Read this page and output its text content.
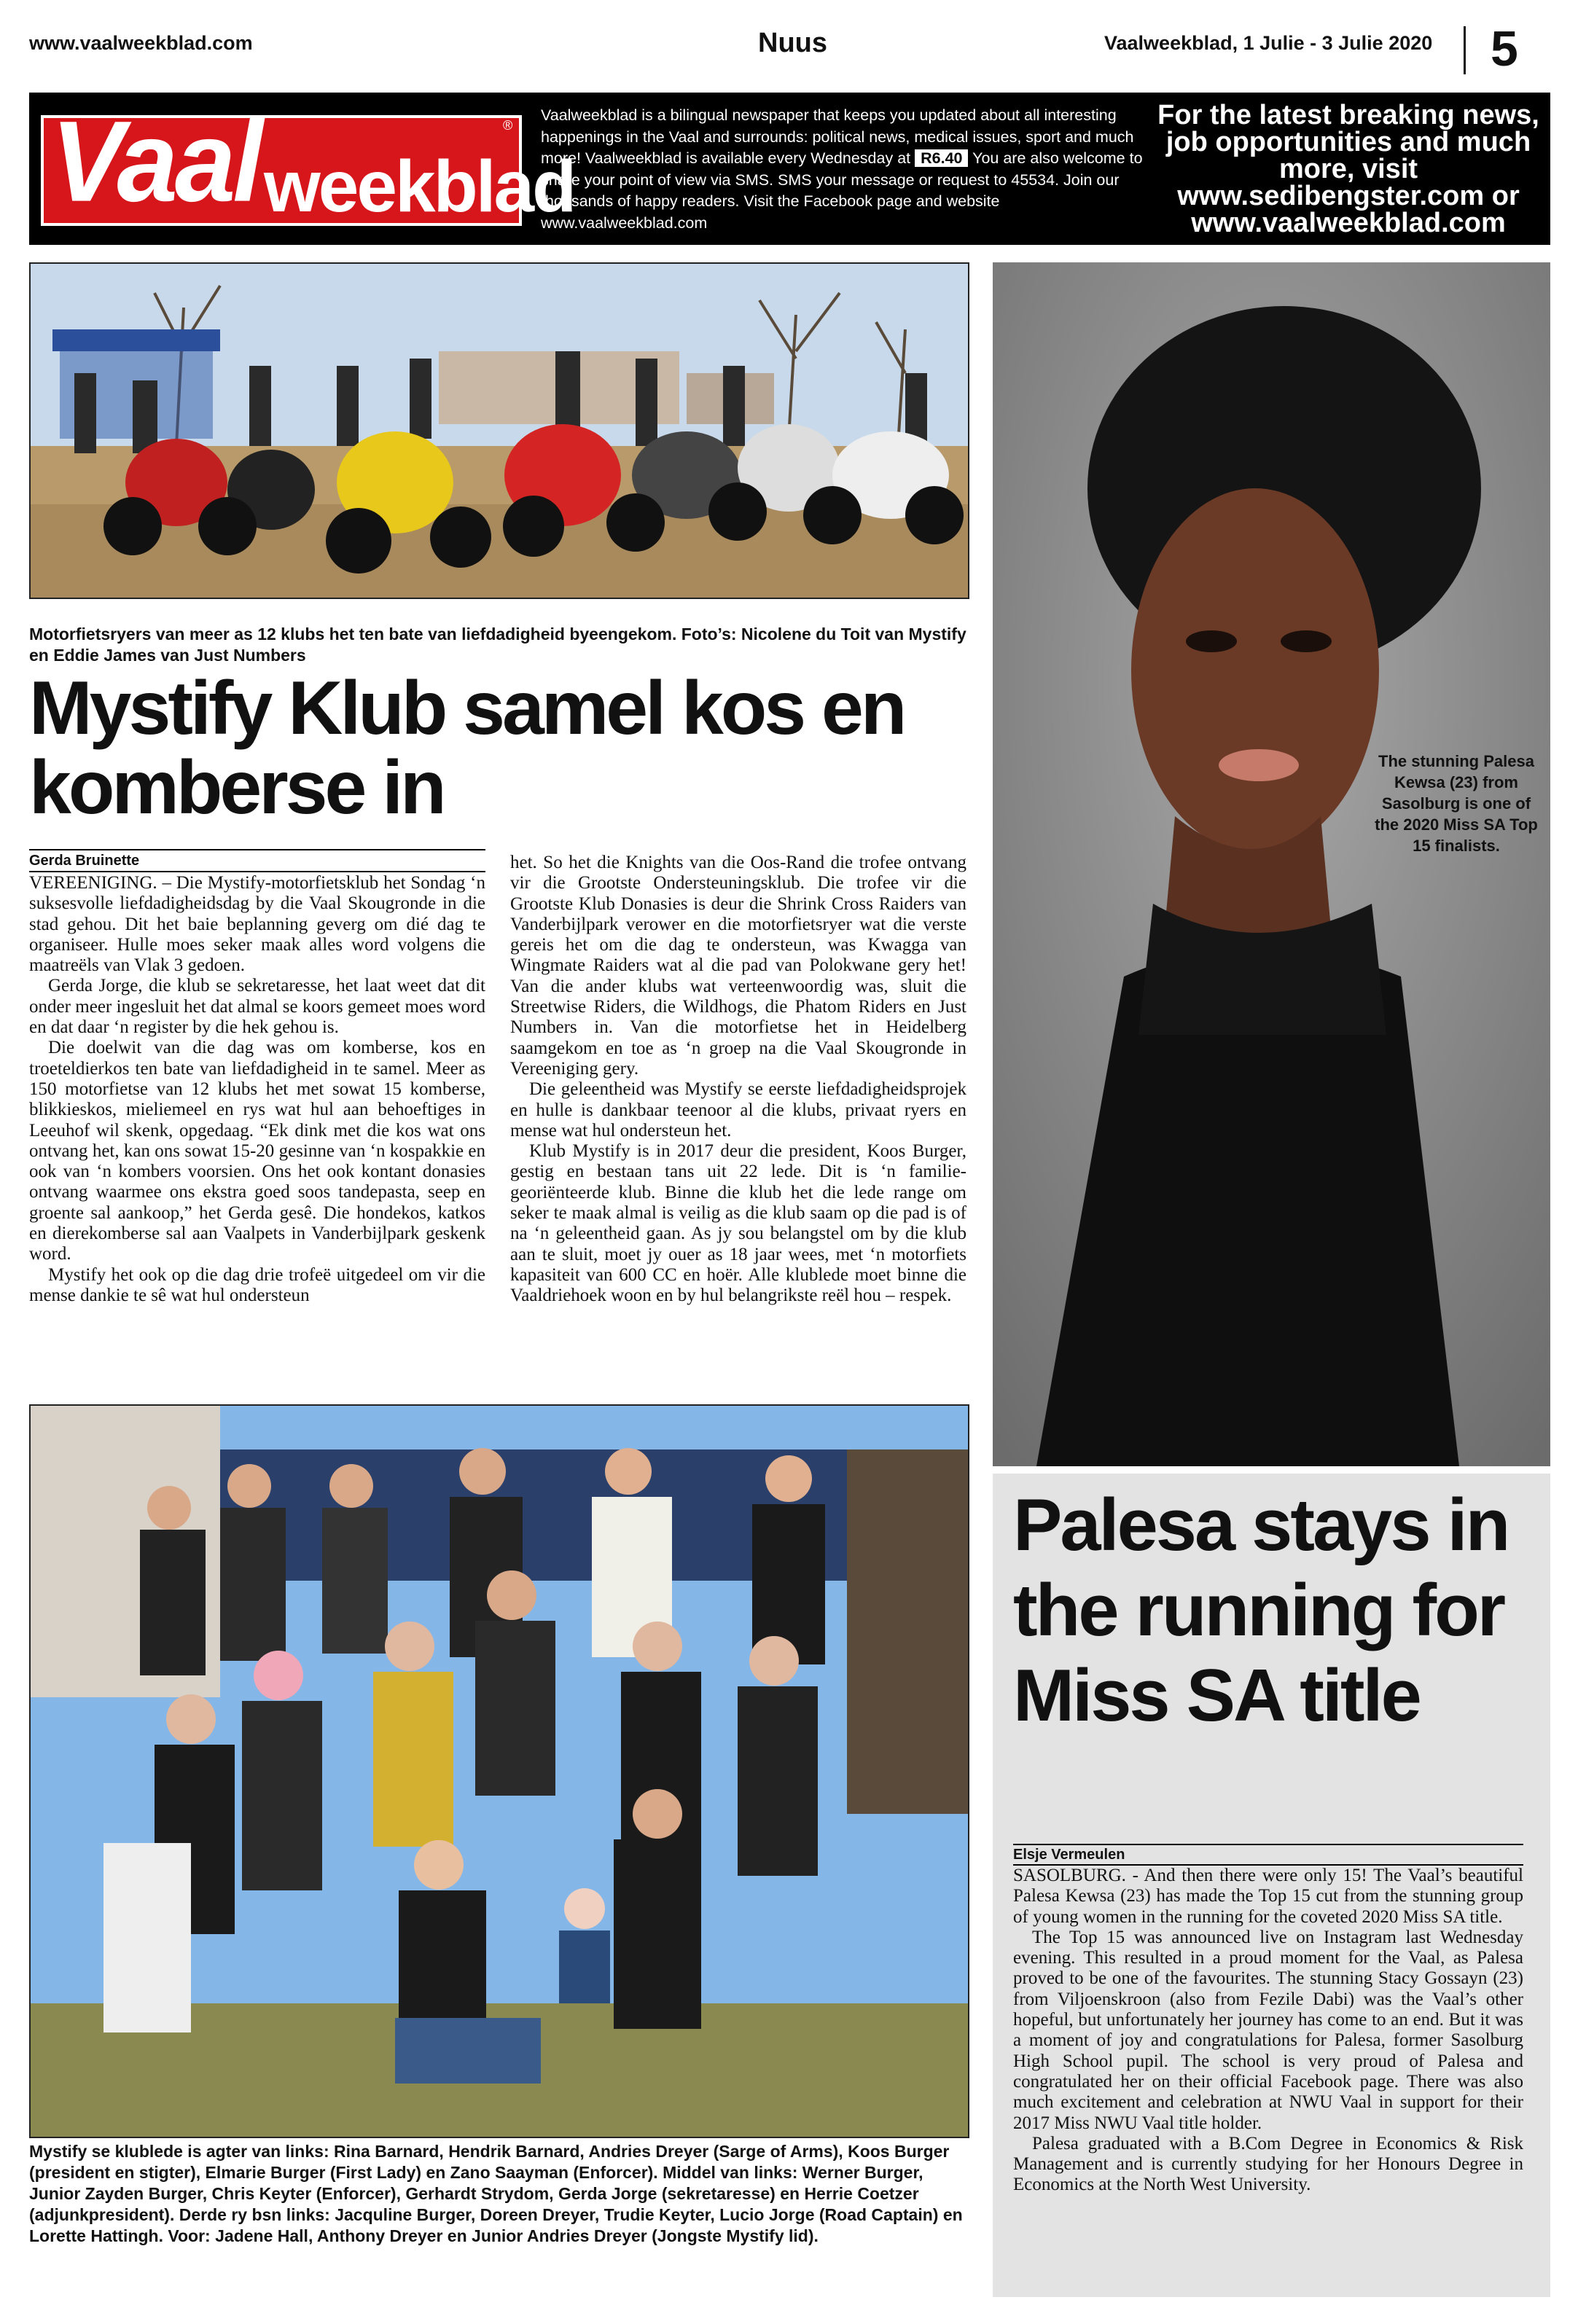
www.vaalweekblad.com	Nuus	Vaalweekblad, 1 Julie - 3 Julie 2020 5
Vaal weekblad
®
Vaalweekblad is a bilingual newspaper that keeps you updated about all interesting happenings in the Vaal and surrounds: political news, medical issues, sport and much more! Vaalweekblad is available every Wednesday at R6.40 You are also welcome to share your point of view via SMS. SMS your message or request to 45534. Join our thousands of happy readers. Visit the Facebook page and website www.vaalweekblad.com
For the latest breaking news, job opportunities and much more, visit www.sedibengster.com or www.vaalweekblad.com
Motorfietsryers van meer as 12 klubs het ten bate van liefdadigheid byeengekom. Foto’s: Nicolene du Toit van Mystify en Eddie James van Just Numbers
Mystify Klub samel kos en komberse in
Gerda Bruinette

VEREENIGING. – Die Mystify-motorfietsklub het Sondag ‘n suksesvolle liefdadigheidsdag by die Vaal Skougronde in die stad gehou. Dit het baie beplanning geverg om dié dag te organiseer. Hulle moes seker maak alles word volgens die maatreëls van Vlak 3 gedoen.

Gerda Jorge, die klub se sekretaresse, het laat weet dat dit onder meer ingesluit het dat almal se koors gemeet moes word en dat daar ‘n register by die hek gehou is.

Die doelwit van die dag was om komberse, kos en troeteldierkos ten bate van liefdadigheid in te samel. Meer as 150 motorfietse van 12 klubs het met sowat 15 komberse, blikkieskos, mieliemeel en rys wat hul aan behoeftiges in Leeuhof wil skenk, opgedaag. “Ek dink met die kos wat ons ontvang het, kan ons sowat 15-20 gesinne van ‘n kospakkie en ook van ‘n kombers voorsien. Ons het ook kontant donasies ontvang waarmee ons ekstra goed soos tandepasta, seep en groente sal aankoop,” het Gerda gesê. Die hondekos, katkos en dierekomberse sal aan Vaalpets in Vanderbijlpark geskenk word.

Mystify het ook op die dag drie trofeë uitgedeel om vir die mense dankie te sê wat hul ondersteun

het. So het die Knights van die Oos-Rand die trofee ontvang vir die Grootste Ondersteuningsklub. Die trofee vir die Grootste Klub Donasies is deur die Shrink Cross Raiders van Vanderbijlpark verower en die motorfietsryer wat die verste gereis het om die dag te ondersteun, was Kwagga van Wingmate Raiders wat al die pad van Polokwane gery het! Van die ander klubs wat verteenwoordig was, sluit die Streetwise Riders, die Wildhogs, die Phatom Riders en Just Numbers in. Van die motorfietse het in Heidelberg saamgekom en toe as ‘n groep na die Vaal Skougronde in Vereeniging gery.

Die geleentheid was Mystify se eerste liefdadigheidsprojek en hulle is dankbaar teenoor al die klubs, privaat ryers en mense wat hul ondersteun het.

Klub Mystify is in 2017 deur die president, Koos Burger, gestig en bestaan tans uit 22 lede. Dit is ‘n familie-georiënteerde klub. Binne die klub het die lede range om seker te maak almal is veilig as die klub saam op die pad is of na ‘n geleentheid gaan. As jy sou belangstel om by die klub aan te sluit, moet jy ouer as 18 jaar wees, met ‘n motorfiets kapasiteit van 600 CC en hoër. Alle klublede moet binne die Vaaldriehoek woon en by hul belangrikste reël hou – respek.

Mystify se klublede is agter van links: Rina Barnard, Hendrik Barnard, Andries Dreyer (Sarge of Arms), Koos Burger (president en stigter), Elmarie Burger (First Lady) en Zano Saayman (Enforcer). Middel van links: Werner Burger, Junior Zayden Burger, Chris Keyter (Enforcer), Gerhardt Strydom, Gerda Jorge (sekretaresse) en Herrie Coetzer (adjunkpresident). Derde ry bsn links: Jacquline Burger, Doreen Dreyer, Trudie Keyter, Lucio Jorge (Road Captain) en Lorette Hattingh. Voor: Jadene Hall, Anthony Dreyer en Junior Andries Dreyer (Jongste Mystify lid).
The stunning Palesa Kewsa (23) from Sasolburg is one of the 2020 Miss SA Top 15 finalists.
Palesa stays in the running for Miss SA title
Elsje Vermeulen

SASOLBURG. - And then there were only 15! The Vaal’s beautiful Palesa Kewsa (23) has made the Top 15 cut from the stunning group of young women in the running for the coveted 2020 Miss SA title.

The Top 15 was announced live on Instagram last Wednesday evening. This resulted in a proud moment for the Vaal, as Palesa proved to be one of the favourites. The stunning Stacy Gossayn (23) from Viljoenskroon (also from Fezile Dabi) was the Vaal’s other hopeful, but unfortunately her journey has come to an end. But it was a moment of joy and congratulations for Palesa, former Sasolburg High School pupil. The school is very proud of Palesa and congratulated her on their official Facebook page. There was also much excitement and celebration at NWU Vaal in support for their 2017 Miss NWU Vaal title holder.

Palesa graduated with a B.Com Degree in Economics & Risk Management and is currently studying for her Honours Degree in Economics at the North West University.
